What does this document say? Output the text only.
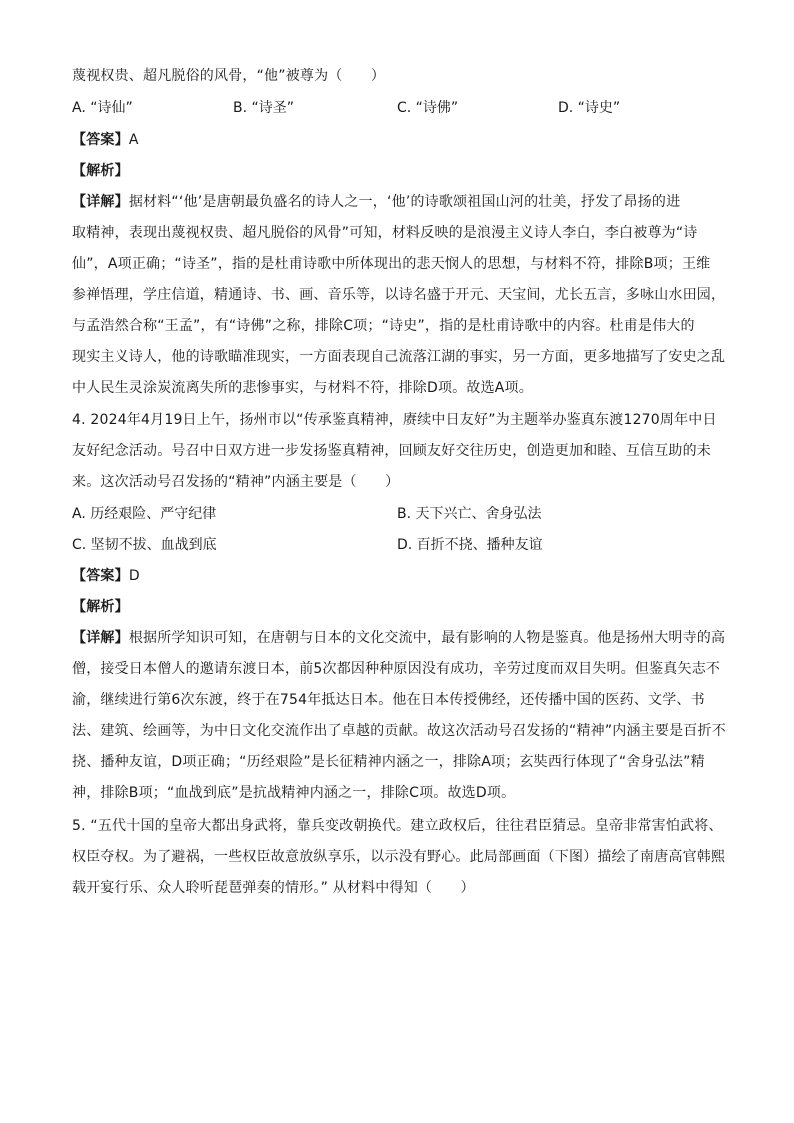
蔑视权贵、超凡脱俗的风骨，“他”被尊为（　　）
A. “诗仙”	B. “诗圣”	C. “诗佛”	D. “诗史”
【答案】A
【解析】
【详解】据材料“‘他’是唐朝最负盛名的诗人之一，‘他’的诗歌颂祖国山河的壮美，抒发了昂扬的进
取精神，表现出蔑视权贵、超凡脱俗的风骨”可知，材料反映的是浪漫主义诗人李白，李白被尊为“诗
仙”，A项正确；“诗圣”，指的是杜甫诗歌中所体现出的悲天悯人的思想，与材料不符，排除B项；王维
参禅悟理，学庄信道，精通诗、书、画、音乐等，以诗名盛于开元、天宝间，尤长五言，多咏山水田园，
与孟浩然合称“王孟”，有“诗佛”之称，排除C项；“诗史”，指的是杜甫诗歌中的内容。杜甫是伟大的
现实主义诗人，他的诗歌瞄准现实，一方面表现自己流落江湖的事实，另一方面，更多地描写了安史之乱
中人民生灵涂炭流离失所的悲惨事实，与材料不符，排除D项。故选A项。
4. 2024年4月19日上午，扬州市以“传承鉴真精神，赓续中日友好”为主题举办鉴真东渡1270周年中日
友好纪念活动。号召中日双方进一步发扬鉴真精神，回顾友好交往历史，创造更加和睦、互信互助的未
来。这次活动号召发扬的“精神”内涵主要是（　　）
A. 历经艰险、严守纪律	B. 天下兴亡、舍身弘法
C. 坚韧不拔、血战到底	D. 百折不挠、播种友谊
【答案】D
【解析】
【详解】根据所学知识可知，在唐朝与日本的文化交流中，最有影响的人物是鉴真。他是扬州大明寺的高
僧，接受日本僧人的邀请东渡日本，前5次都因种种原因没有成功，辛劳过度而双目失明。但鉴真矢志不
渝，继续进行第6次东渡，终于在754年抵达日本。他在日本传授佛经，还传播中国的医药、文学、书
法、建筑、绘画等，为中日文化交流作出了卓越的贡献。故这次活动号召发扬的“精神”内涵主要是百折不
挠、播种友谊，D项正确；“历经艰险”是长征精神内涵之一，排除A项；玄奘西行体现了“舍身弘法”精
神，排除B项；“血战到底”是抗战精神内涵之一，排除C项。故选D项。
5. “五代十国的皇帝大都出身武将，靠兵变改朝换代。建立政权后，往往君臣猜忌。皇帝非常害怕武将、
权臣夺权。为了避祸，一些权臣故意放纵享乐，以示没有野心。此局部画面（下图）描绘了南唐高官韩熙
载开宴行乐、众人聆听琵琶弹奏的情形。” 从材料中得知（　　）
